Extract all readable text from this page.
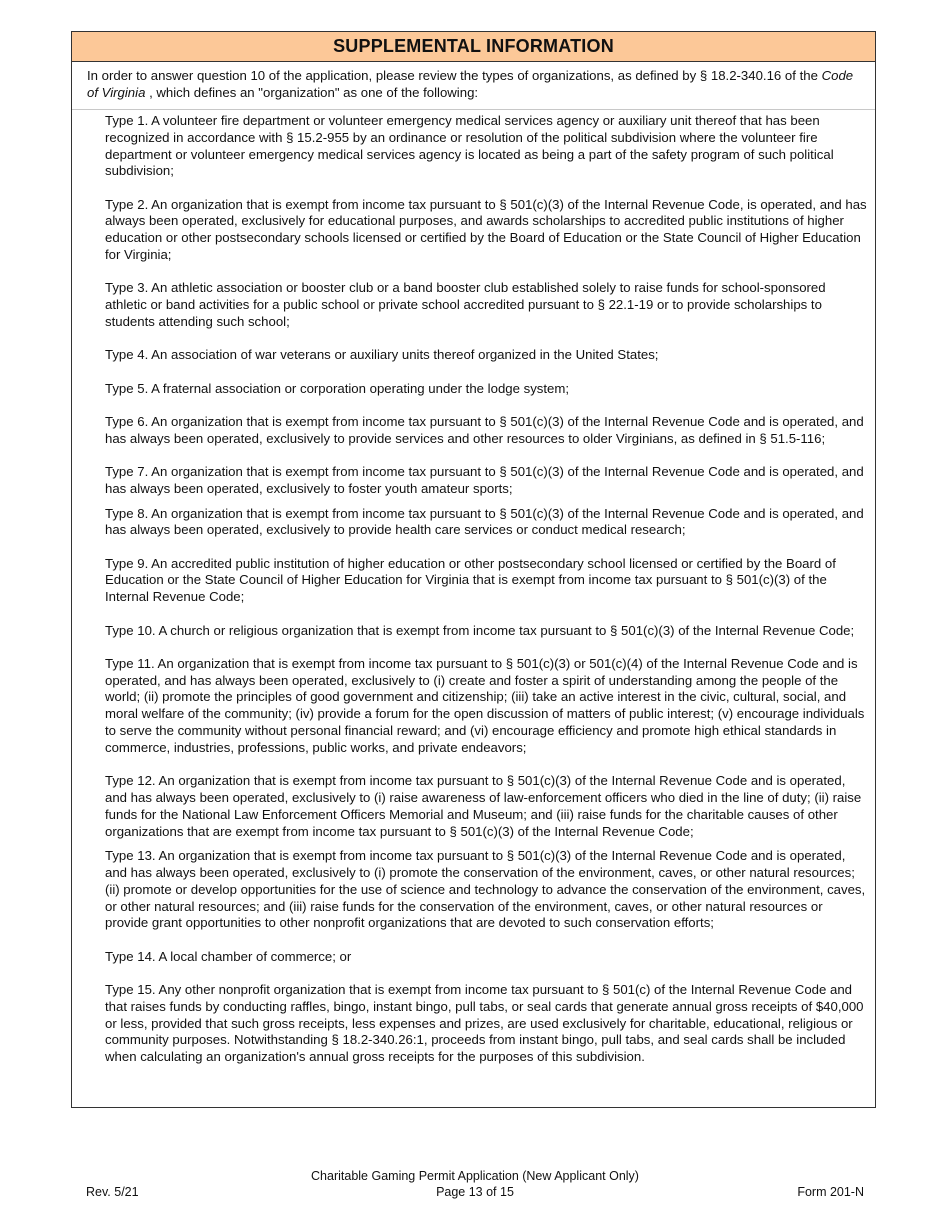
SUPPLEMENTAL INFORMATION
In order to answer question 10 of the application, please review the types of organizations, as defined by § 18.2-340.16 of the Code of Virginia , which defines an "organization" as one of the following:

Type 1. A volunteer fire department or volunteer emergency medical services agency or auxiliary unit thereof that has been recognized in accordance with § 15.2-955 by an ordinance or resolution of the political subdivision where the volunteer fire department or volunteer emergency medical services agency is located as being a part of the safety program of such political subdivision;

Type 2. An organization that is exempt from income tax pursuant to § 501(c)(3) of the Internal Revenue Code, is operated, and has always been operated, exclusively for educational purposes, and awards scholarships to accredited public institutions of higher education or other postsecondary schools licensed or certified by the Board of Education or the State Council of Higher Education for Virginia;

Type 3. An athletic association or booster club or a band booster club established solely to raise funds for school-sponsored athletic or band activities for a public school or private school accredited pursuant to § 22.1-19 or to provide scholarships to students attending such school;

Type 4. An association of war veterans or auxiliary units thereof organized in the United States;

Type 5. A fraternal association or corporation operating under the lodge system;

Type 6. An organization that is exempt from income tax pursuant to § 501(c)(3) of the Internal Revenue Code and is operated, and has always been operated, exclusively to provide services and other resources to older Virginians, as defined in § 51.5-116;

Type 7. An organization that is exempt from income tax pursuant to § 501(c)(3) of the Internal Revenue Code and is operated, and has always been operated, exclusively to foster youth amateur sports;

Type 8. An organization that is exempt from income tax pursuant to § 501(c)(3) of the Internal Revenue Code and is operated, and has always been operated, exclusively to provide health care services or conduct medical research;

Type 9. An accredited public institution of higher education or other postsecondary school licensed or certified by the Board of Education or the State Council of Higher Education for Virginia that is exempt from income tax pursuant to § 501(c)(3) of the Internal Revenue Code;

Type 10. A church or religious organization that is exempt from income tax pursuant to § 501(c)(3) of the Internal Revenue Code;

Type 11. An organization that is exempt from income tax pursuant to § 501(c)(3) or 501(c)(4) of the Internal Revenue Code and is operated, and has always been operated, exclusively to (i) create and foster a spirit of understanding among the people of the world; (ii) promote the principles of good government and citizenship; (iii) take an active interest in the civic, cultural, social, and moral welfare of the community; (iv) provide a forum for the open discussion of matters of public interest; (v) encourage individuals to serve the community without personal financial reward; and (vi) encourage efficiency and promote high ethical standards in commerce, industries, professions, public works, and private endeavors;

Type 12. An organization that is exempt from income tax pursuant to § 501(c)(3) of the Internal Revenue Code and is operated, and has always been operated, exclusively to (i) raise awareness of law-enforcement officers who died in the line of duty; (ii) raise funds for the National Law Enforcement Officers Memorial and Museum; and (iii) raise funds for the charitable causes of other organizations that are exempt from income tax pursuant to § 501(c)(3) of the Internal Revenue Code;

Type 13. An organization that is exempt from income tax pursuant to § 501(c)(3) of the Internal Revenue Code and is operated, and has always been operated, exclusively to (i) promote the conservation of the environment, caves, or other natural resources; (ii) promote or develop opportunities for the use of science and technology to advance the conservation of the environment, caves, or other natural resources; and (iii) raise funds for the conservation of the environment, caves, or other natural resources or provide grant opportunities to other nonprofit organizations that are devoted to such conservation efforts;

Type 14. A local chamber of commerce; or

Type 15. Any other nonprofit organization that is exempt from income tax pursuant to § 501(c) of the Internal Revenue Code and that raises funds by conducting raffles, bingo, instant bingo, pull tabs, or seal cards that generate annual gross receipts of $40,000 or less, provided that such gross receipts, less expenses and prizes, are used exclusively for charitable, educational, religious or community purposes. Notwithstanding § 18.2-340.26:1, proceeds from instant bingo, pull tabs, and seal cards shall be included when calculating an organization's annual gross receipts for the purposes of this subdivision.

Rev. 5/21
Charitable Gaming Permit Application (New Applicant Only)
Page 13 of 15	Form 201-N
